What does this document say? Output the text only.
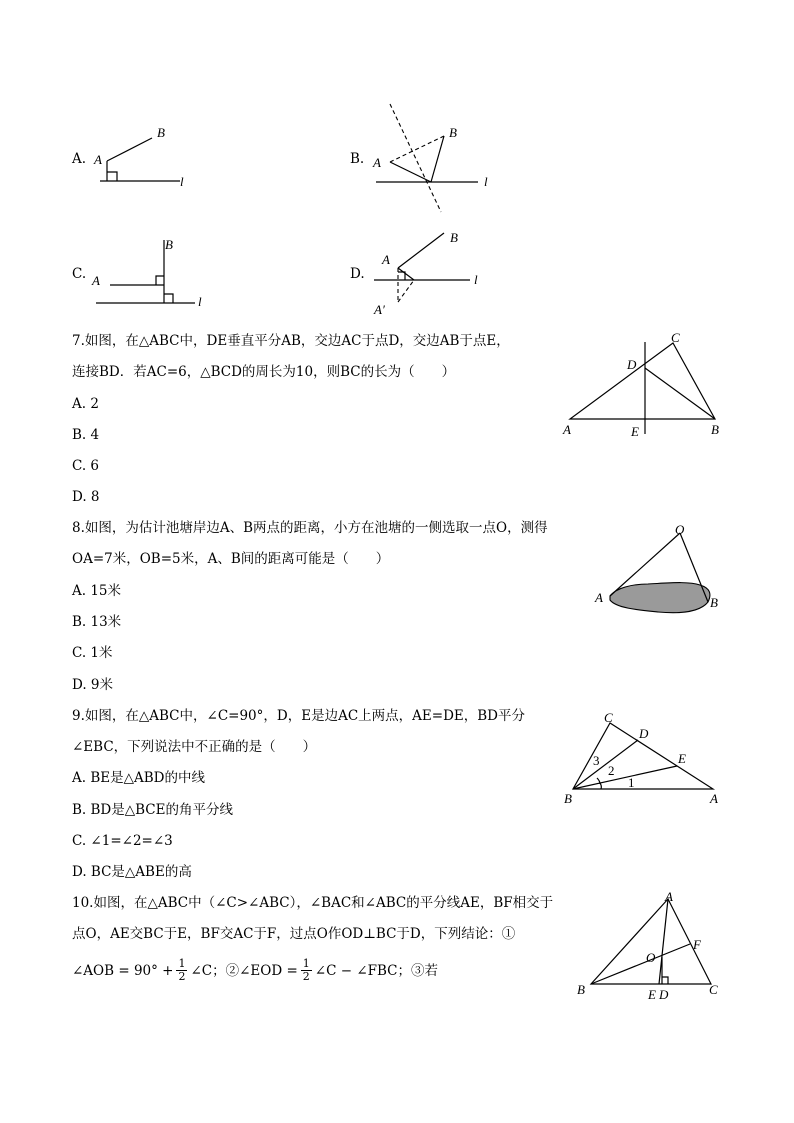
A. A
B
l
B. A
B
l
C. A
B
l
D.
A
B
l
A′
7.如图，在△ABC中，DE垂直平分AB，交边AC于点D，交边AB于点E，
连接BD．若AC=6，△BCD的周长为10，则BC的长为（　　）
A. 2
B. 4
C. 6
D. 8
A	B
C
D
E
8.如图，为估计池塘岸边A、B两点的距离，小方在池塘的一侧选取一点O，测得
OA=7米，OB=5米，A、B间的距离可能是（　　）
A. 15米
B. 13米
C. 1米
D. 9米
O
A	B
9.如图，在△ABC中，∠C=90°，D，E是边AC上两点，AE=DE，BD平分
∠EBC，下列说法中不正确的是（　　）
A. BE是△ABD的中线
B. BD是△BCE的角平分线
C. ∠1=∠2=∠3
D. BC是△ABE的高
C
D
E
B	A
1
2
3
10.如图，在△ABC中（∠C>∠ABC），∠BAC和∠ABC的平分线AE，BF相交于
点O，AE交BC于E，BF交AC于F，过点O作OD⊥BC于D，下列结论：①
∠AOB = $90^\circ + \frac{1}{2}$ ∠C；②∠EOD = $\frac{1}{2}$ ∠C − ∠FBC；③若
A
B	C
F
O
E D
